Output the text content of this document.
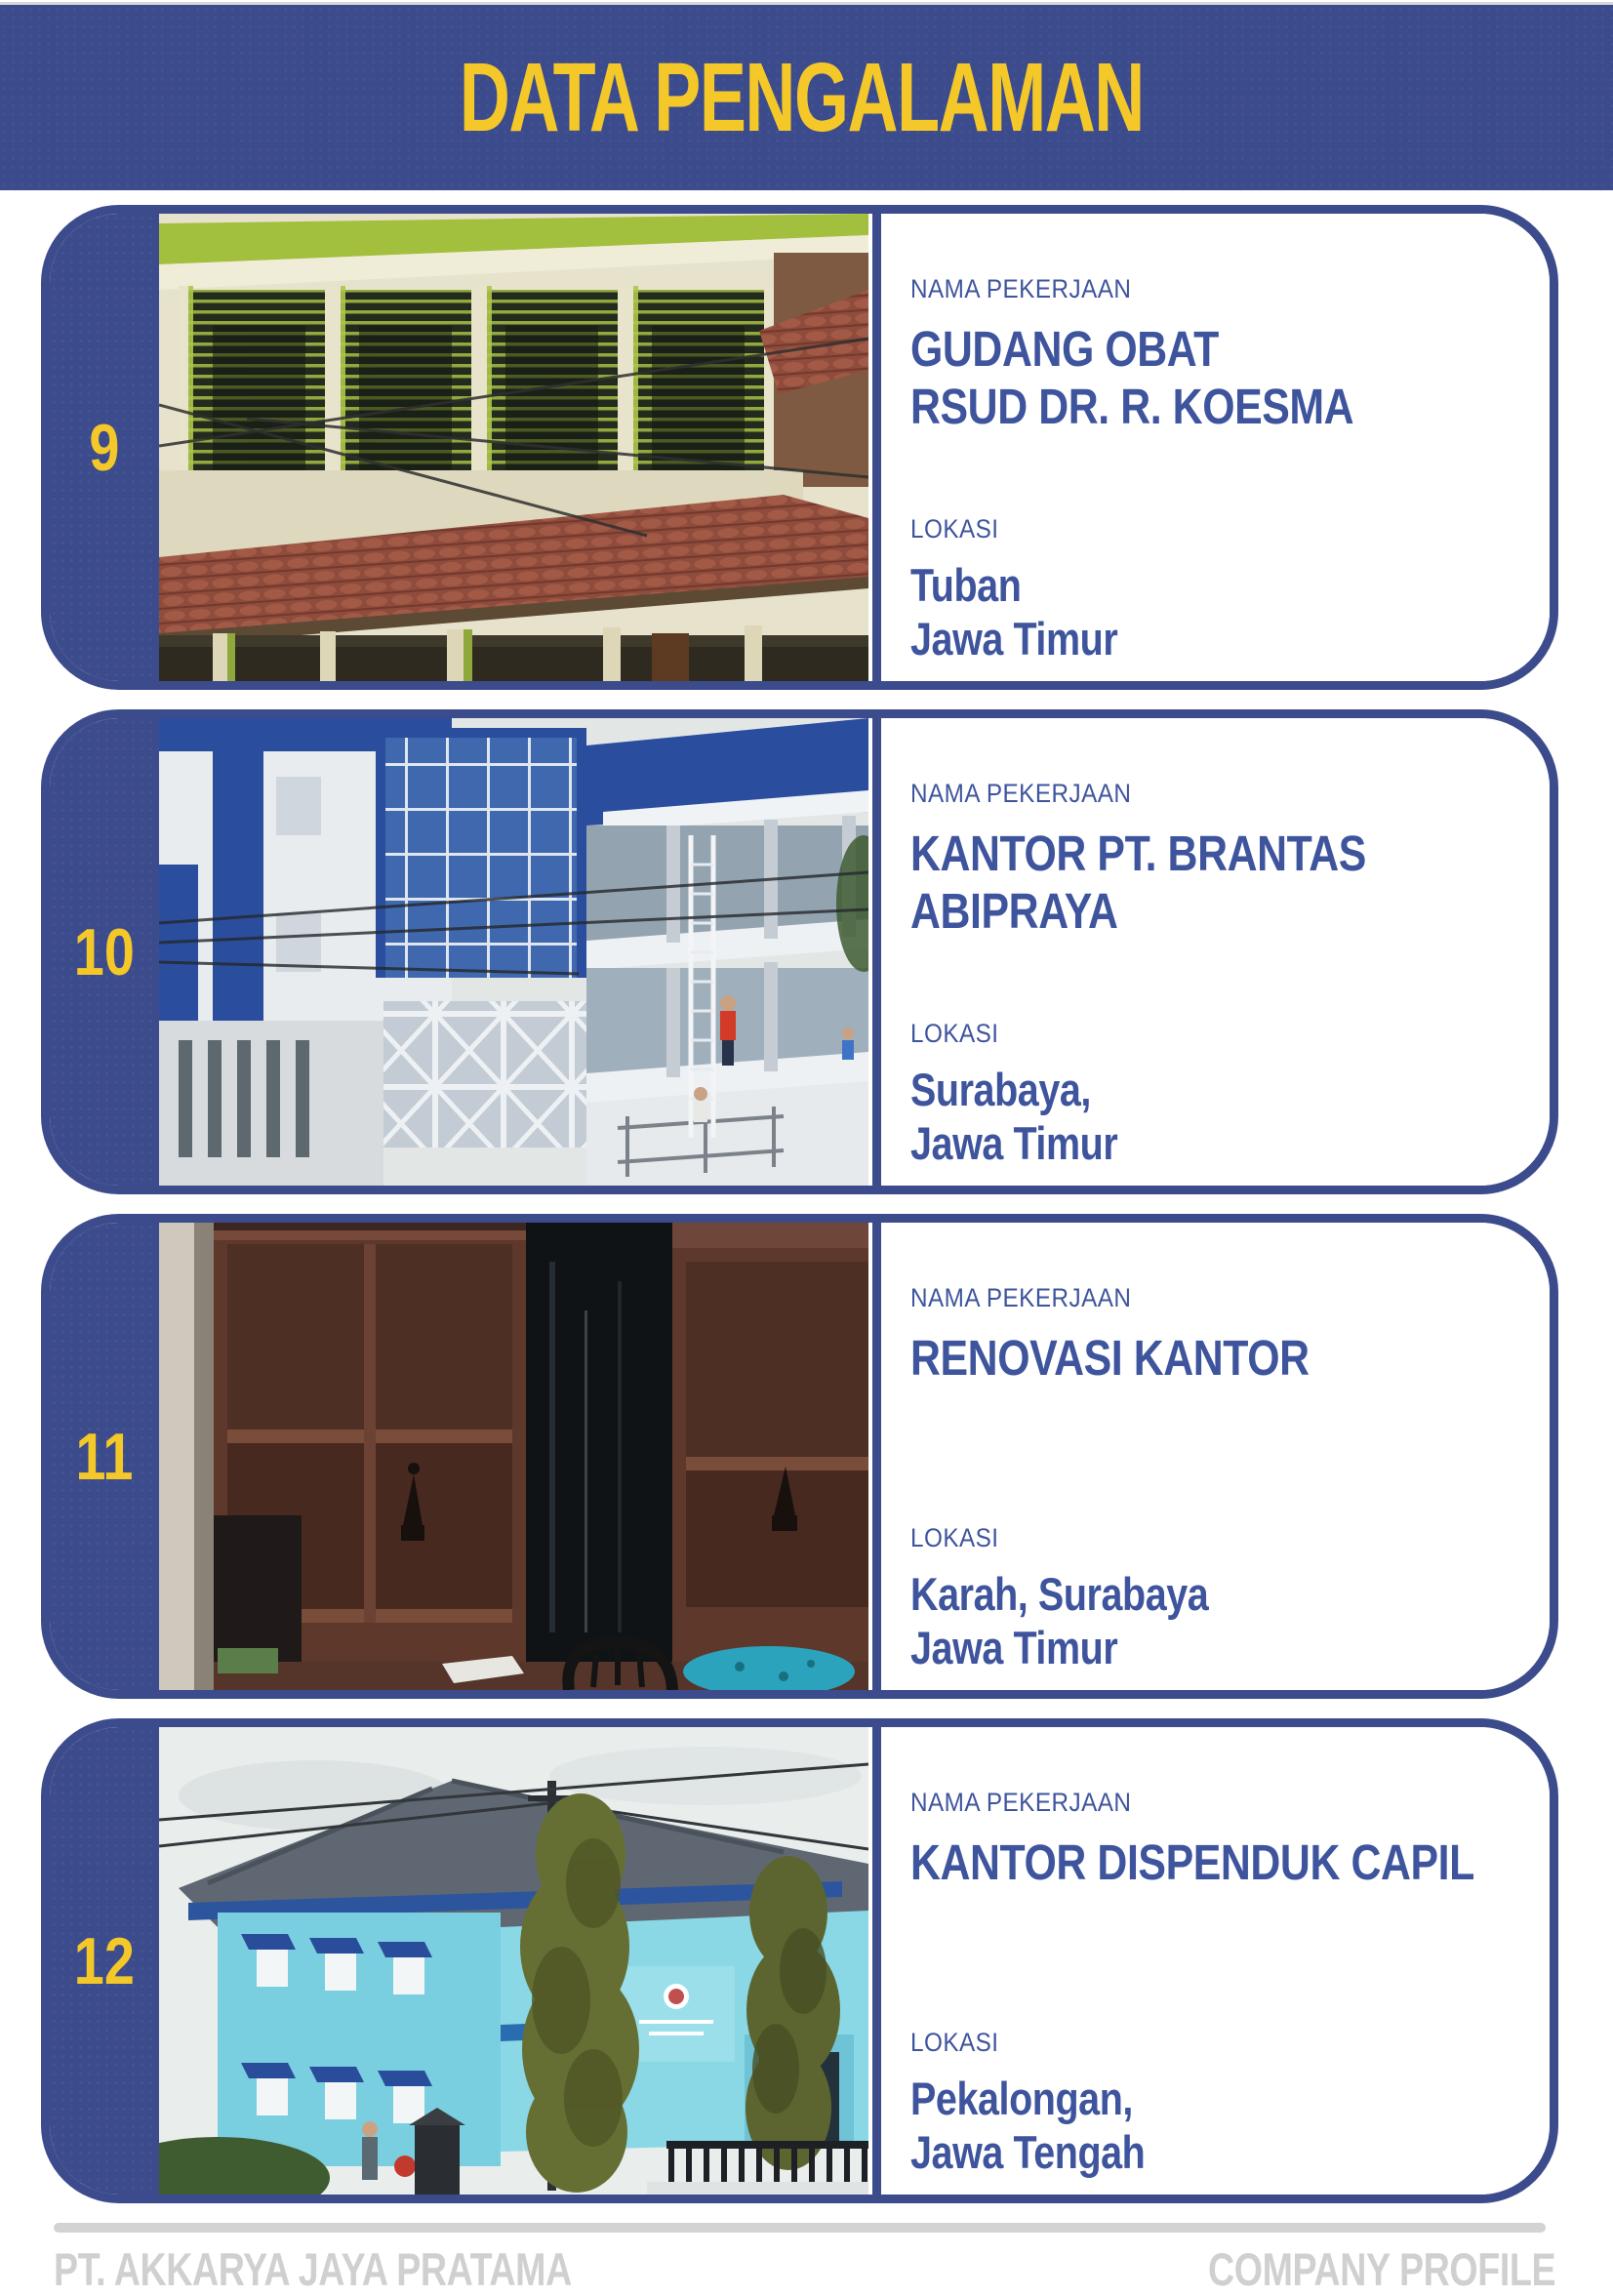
DATA PENGALAMAN
9
NAMA PEKERJAAN
GUDANG OBAT
RSUD DR. R. KOESMA
LOKASI
Tuban
Jawa Timur
10
NAMA PEKERJAAN
KANTOR PT. BRANTAS
ABIPRAYA
LOKASI
Surabaya,
Jawa Timur
11
NAMA PEKERJAAN
RENOVASI KANTOR

LOKASI
Karah, Surabaya
Jawa Timur
12
NAMA PEKERJAAN
KANTOR DISPENDUK CAPIL

LOKASI
Pekalongan,
Jawa Tengah
PT. AKKARYA JAYA PRATAMA	COMPANY PROFILE
